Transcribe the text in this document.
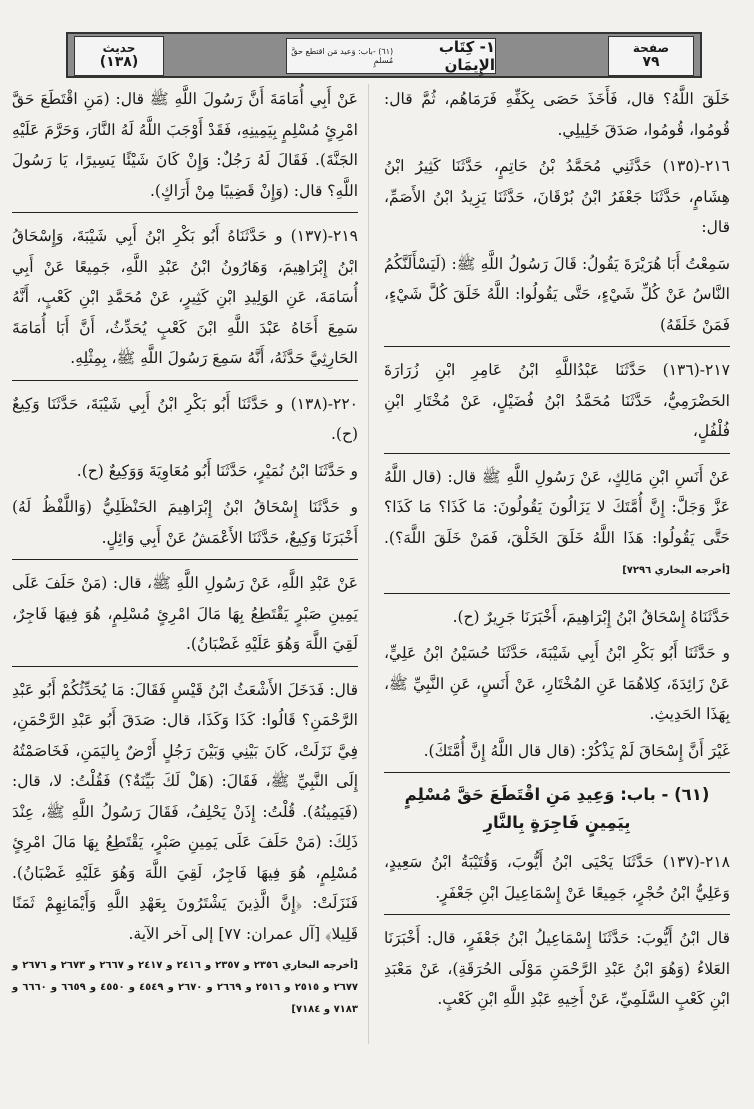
حديث
(١٣٨)
١- كِتَاب الإِيمَان
(٦١) -باب: وَعيد مَن اقتطع حقَّ مُسلمٍ
صفحة
٧٩

خَلَقَ اللَّهُ؟ قال، فَأَخَذَ حَصَى بِكَفِّهِ فَرَمَاهُم، ثُمَّ قال: قُومُوا، قُومُوا، صَدَقَ خَلِيلِي.

٢١٦-(١٣٥) حَدَّثَنِي مُحَمَّدُ بْنُ حَاتِمٍ، حَدَّثَنَا كَثِيرُ ابْنُ هِشَامٍ، حَدَّثَنَا جَعْفَرُ ابْنُ بُرْقَانَ، حَدَّثَنَا يَزِيدُ ابْنُ الأَصَمِّ، قال:

سَمِعْتُ أَبَا هُرَيْرَةَ يَقُولُ: قَالَ رَسُولُ اللَّهِ ﷺ: (لَيَسْأَلَنَّكُمُ النَّاسُ عَنْ كُلِّ شَيْءٍ، حَتَّى يَقُولُوا: اللَّهُ خَلَقَ كُلَّ شَيْءٍ، فَمَنْ خَلَقَهُ)

٢١٧-(١٣٦) حَدَّثَنَا عَبْدُاللَّهِ ابْنُ عَامِرِ ابْنِ زُرَارَةَ الحَضْرَمِيُّ، حَدَّثَنَا مُحَمَّدُ ابْنُ فُضَيْلٍ، عَنْ مُخْتَارِ ابْنِ فُلْفُلٍ،

عَنْ أَنَسِ ابْنِ مَالِكٍ، عَنْ رَسُولِ اللَّهِ ﷺ قال: (قال اللَّهُ عَزَّ وَجَلَّ: إِنَّ أُمَّتَكَ لا يَزَالُونَ يَقُولُونَ: مَا كَذَا؟ مَا كَذَا؟ حَتَّى يَقُولُوا: هَذَا اللَّهُ خَلَقَ الخَلْقَ، فَمَنْ خَلَقَ اللَّهَ؟). [أخرجه البخاري ٧٢٩٦]

حَدَّثَنَاهُ إِسْحَاقُ ابْنُ إِبْرَاهِيمَ، أَخْبَرَنَا جَرِيرٌ (ح).

و حَدَّثَنَا أَبُو بَكْرِ ابْنُ أَبِي شَيْبَةَ، حَدَّثَنَا حُسَيْنُ ابْنُ عَلِيٍّ، عَنْ زَائِدَةَ، كِلاهُمَا عَنِ المُخْتَارِ، عَنْ أَنَسٍ، عَنِ النَّبِيِّ ﷺ، بِهَذَا الحَدِيثِ.

غَيْرَ أَنَّ إِسْحَاقَ لَمْ يَذْكُرْ: (قال قال اللَّهُ إِنَّ أُمَّتَكَ).

(٦١) - باب: وَعِيدِ مَنِ اقْتَطَعَ حَقَّ مُسْلِمٍ بِيَمِينٍ فَاجِرَةٍ بِالنَّارِ

٢١٨-(١٣٧) حَدَّثَنَا يَحْيَى ابْنُ أَيُّوبَ، وَقُتَيْبَةُ ابْنُ سَعِيدٍ، وَعَلِيُّ ابْنُ حُجْرٍ، جَمِيعًا عَنْ إِسْمَاعِيلَ ابْنِ جَعْفَرٍ.

قال ابْنُ أَيُّوبَ: حَدَّثَنَا إِسْمَاعِيلُ ابْنُ جَعْفَرٍ، قال: أَخْبَرَنَا العَلاءُ (وَهُوَ ابْنُ عَبْدِ الرَّحْمَنِ مَوْلَى الحُرَقَةِ)، عَنْ مَعْبَدِ ابْنِ كَعْبٍ السَّلَمِيِّ، عَنْ أَخِيهِ عَبْدِ اللَّهِ ابْنِ كَعْبٍ.

عَنْ أَبِي أُمَامَةَ أَنَّ رَسُولَ اللَّهِ ﷺ قال: (مَنِ اقْتَطَعَ حَقَّ امْرِئٍ مُسْلِمٍ بِيَمِينِهِ، فَقَدْ أَوْجَبَ اللَّهُ لَهُ النَّارَ، وَحَرَّمَ عَلَيْهِ الجَنَّةَ). فَقَالَ لَهُ رَجُلٌ: وَإِنْ كَانَ شَيْئًا يَسِيرًا، يَا رَسُولَ اللَّهِ؟ قال: (وَإِنْ قَضِيبًا مِنْ أَرَاكٍ).

٢١٩-(١٣٧) و حَدَّثَنَاهُ أَبُو بَكْرِ ابْنُ أَبِي شَيْبَةَ، وَإِسْحَاقُ ابْنُ إِبْرَاهِيمَ، وَهَارُونُ ابْنُ عَبْدِ اللَّهِ، جَمِيعًا عَنْ أَبِي أُسَامَةَ، عَنِ الوَلِيدِ ابْنِ كَثِيرٍ، عَنْ مُحَمَّدِ ابْنِ كَعْبٍ، أَنَّهُ سَمِعَ أَخَاهُ عَبْدَ اللَّهِ ابْنَ كَعْبٍ يُحَدِّثُ، أَنَّ أَبَا أُمَامَةَ الحَارِثِيَّ حَدَّثَهُ، أَنَّهُ سَمِعَ رَسُولَ اللَّهِ ﷺ، بِمِثْلِهِ.

٢٢٠-(١٣٨) و حَدَّثَنَا أَبُو بَكْرِ ابْنُ أَبِي شَيْبَةَ، حَدَّثَنَا وَكِيعٌ (ح).

و حَدَّثَنَا ابْنُ نُمَيْرٍ، حَدَّثَنَا أَبُو مُعَاوِيَةَ وَوَكِيعٌ (ح).

و حَدَّثَنَا إِسْحَاقُ ابْنُ إِبْرَاهِيمَ الحَنْظَلِيُّ (وَاللَّفْظُ لَهُ) أَخْبَرَنَا وَكِيعٌ، حَدَّثَنَا الأَعْمَشُ عَنْ أَبِي وَائِلٍ.

عَنْ عَبْدِ اللَّهِ، عَنْ رَسُولِ اللَّهِ ﷺ، قال: (مَنْ حَلَفَ عَلَى يَمِينِ صَبْرٍ يَقْتَطِعُ بِهَا مَالَ امْرِئٍ مُسْلِمٍ، هُوَ فِيهَا فَاجِرٌ، لَقِيَ اللَّهَ وَهُوَ عَلَيْهِ غَضْبَانُ).

قال: فَدَخَلَ الأَشْعَثُ ابْنُ قَيْسٍ فَقَالَ: مَا يُحَدِّثُكُمْ أَبُو عَبْدِ الرَّحْمَنِ؟ قَالُوا: كَذَا وَكَذَا، قال: صَدَقَ أَبُو عَبْدِ الرَّحْمَنِ، فِيَّ نَزَلَتْ، كَانَ بَيْنِي وَبَيْنَ رَجُلٍ أَرْضٌ بِاليَمَنِ، فَخَاصَمْتُهُ إِلَى النَّبِيِّ ﷺ، فَقَالَ: (هَلْ لَكَ بَيِّنَةٌ؟) فَقُلْتُ: لا، قال: (فَيَمِينُهُ). قُلْتُ: إِذَنْ يَحْلِفُ، فَقَالَ رَسُولُ اللَّهِ ﷺ، عِنْدَ ذَلِكَ: (مَنْ حَلَفَ عَلَى يَمِينِ صَبْرٍ، يَقْتَطِعُ بِهَا مَالَ امْرِئٍ مُسْلِمٍ، هُوَ فِيهَا فَاجِرٌ، لَقِيَ اللَّهَ وَهُوَ عَلَيْهِ غَضْبَانُ). فَنَزَلَتْ: ﴿إِنَّ الَّذِينَ يَشْتَرُونَ بِعَهْدِ اللَّهِ وَأَيْمَانِهِمْ ثَمَنًا قَلِيلا﴾ [آل عمران: ٧٧] إلى آخر الآية.

[أخرجه البخاري ٢٣٥٦ و ٢٣٥٧ و ٢٤١٦ و ٢٤١٧ و ٢٦٦٧ و ٢٦٧٣ و ٢٦٧٦ و ٢٦٧٧ و ٢٥١٥ و ٢٥١٦ و ٢٦٦٩ و ٢٦٧٠ و ٤٥٤٩ و ٤٥٥٠ و ٦٦٥٩ و ٦٦٦٠ و ٧١٨٣ و ٧١٨٤]
